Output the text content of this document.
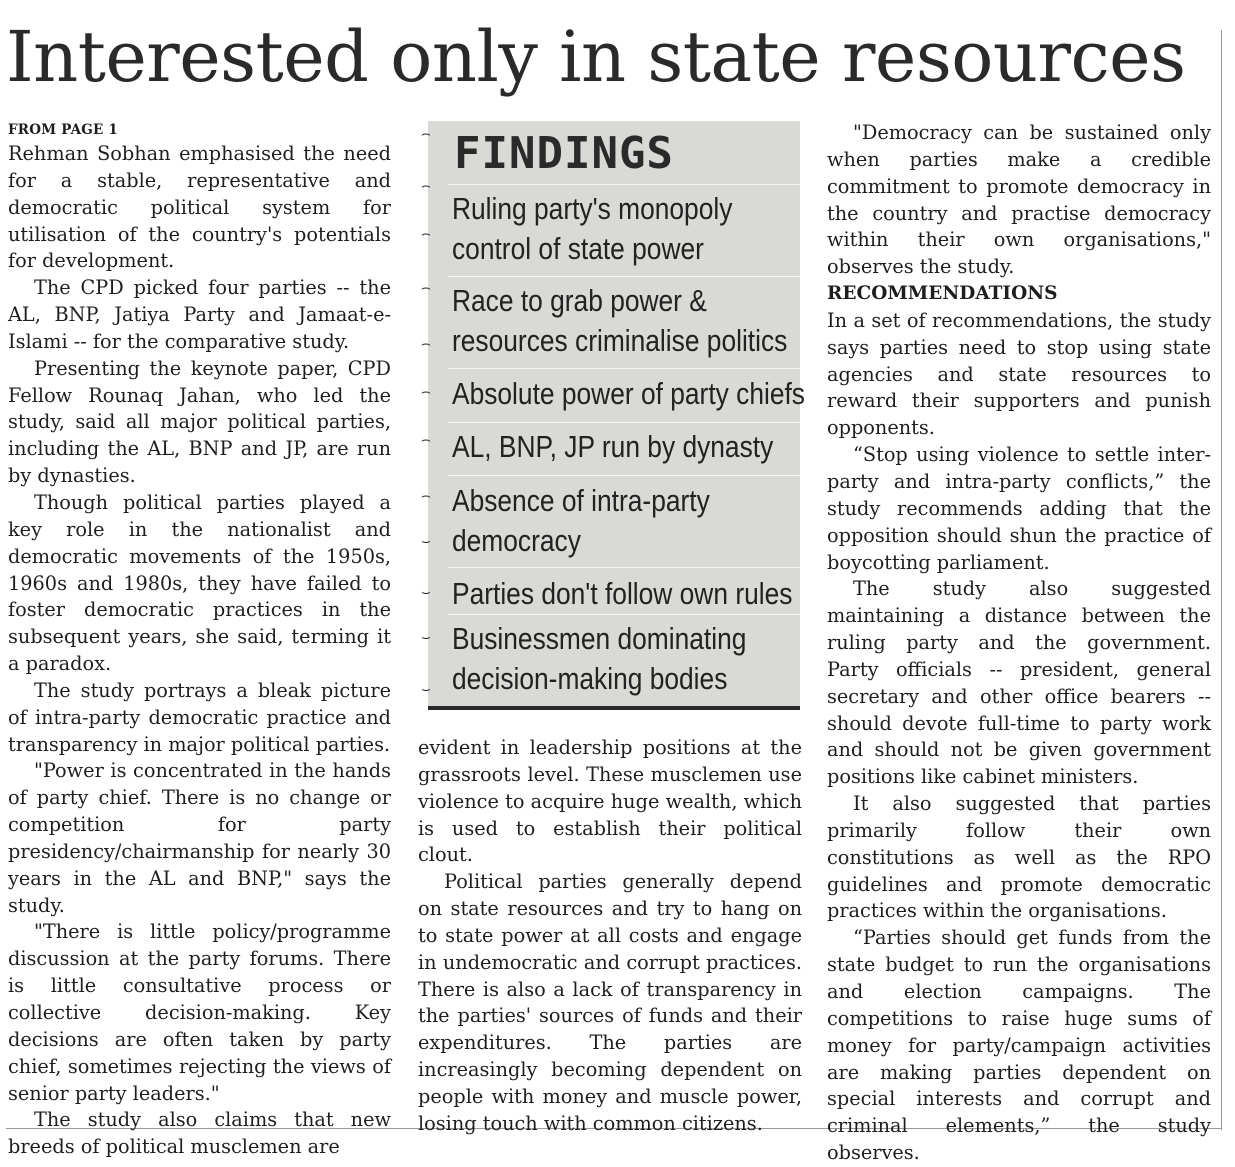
Interested only in state resources
FROM PAGE 1

Rehman Sobhan emphasised the need for a stable, representative and democratic political system for utilisation of the country's potentials for development.

The CPD picked four parties -- the AL, BNP, Jatiya Party and Jamaat-e-Islami -- for the comparative study.

Presenting the keynote paper, CPD Fellow Rounaq Jahan, who led the study, said all major political parties, including the AL, BNP and JP, are run by dynasties.

Though political parties played a key role in the nationalist and democratic movements of the 1950s, 1960s and 1980s, they have failed to foster democratic practices in the subsequent years, she said, terming it a paradox.

The study portrays a bleak picture of intra-party democratic practice and transparency in major political parties.

"Power is concentrated in the hands of party chief. There is no change or competition for party presidency/chairmanship for nearly 30 years in the AL and BNP," says the study.

"There is little policy/programme discussion at the party forums. There is little consultative process or collective decision-making. Key decisions are often taken by party chief, sometimes rejecting the views of senior party leaders."

The study also claims that new breeds of political musclemen are

FINDINGS
Ruling party's monopoly
control of state power
Race to grab power &
resources criminalise politics
Absolute power of party chiefs
AL, BNP, JP run by dynasty
Absence of intra-party
democracy
Parties don't follow own rules
Businessmen dominating
decision-making bodies
⌢
⌢
⌢
⌢
⌢
⌢
⌢
⌢
⌣
⌣
⌣
⌣

evident in leadership positions at the grassroots level. These musclemen use violence to acquire huge wealth, which is used to establish their political clout.

Political parties generally depend on state resources and try to hang on to state power at all costs and engage in undemocratic and corrupt practices. There is also a lack of transparency in the parties' sources of funds and their expenditures. The parties are increasingly becoming dependent on people with money and muscle power, losing touch with common citizens.

"Democracy can be sustained only when parties make a credible commitment to promote democracy in the country and practise democracy within their own organisations," observes the study.

RECOMMENDATIONS

In a set of recommendations, the study says parties need to stop using state agencies and state resources to reward their supporters and punish opponents.

“Stop using violence to settle inter-party and intra-party conflicts,” the study recommends adding that the opposition should shun the practice of boycotting parliament.

The study also suggested maintaining a distance between the ruling party and the government. Party officials -- president, general secretary and other office bearers -- should devote full-time to party work and should not be given government positions like cabinet ministers.

It also suggested that parties primarily follow their own constitutions as well as the RPO guidelines and promote democratic practices within the organisations.

“Parties should get funds from the state budget to run the organisations and election campaigns. The competitions to raise huge sums of money for party/campaign activities are making parties dependent on special interests and corrupt and criminal elements,” the study observes.
